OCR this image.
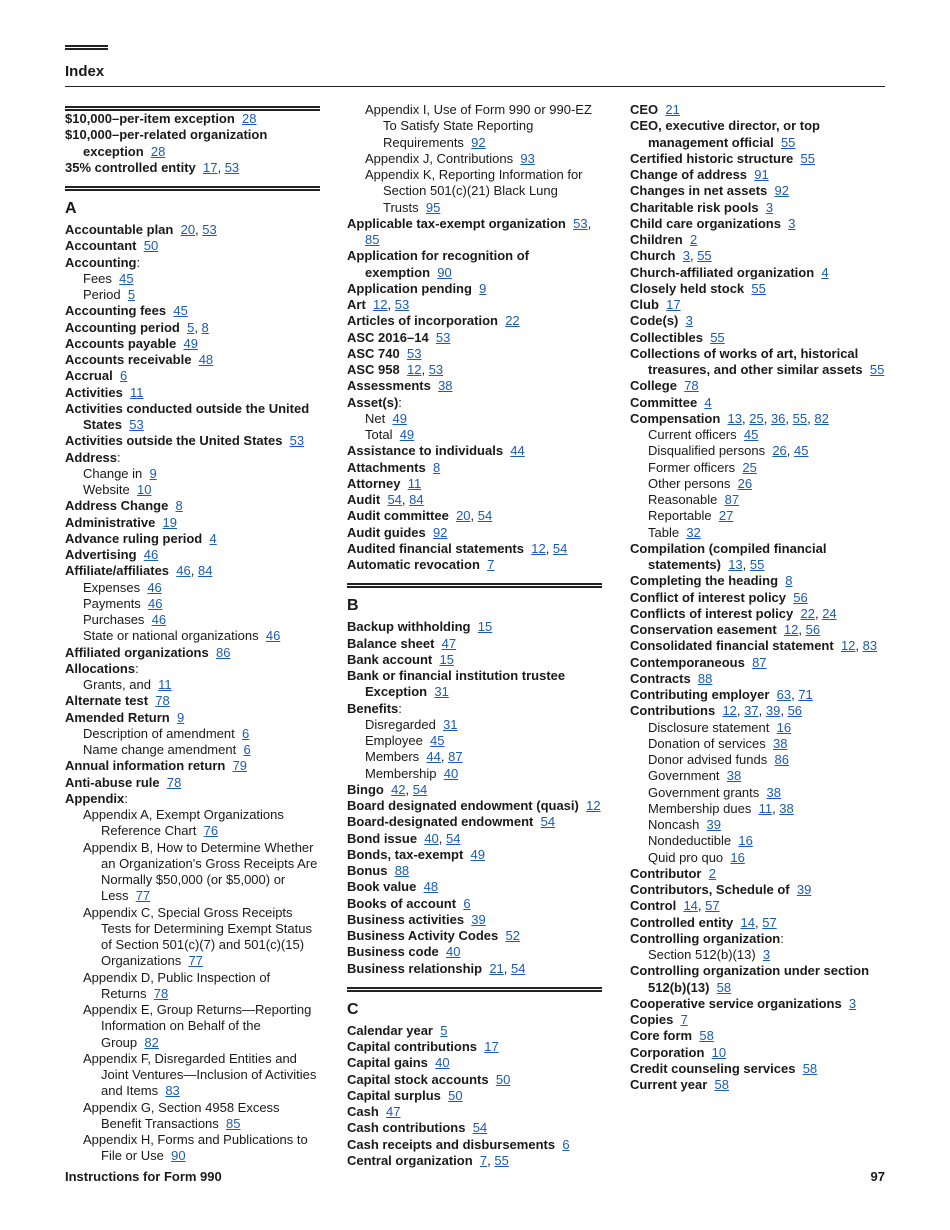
Index
$10,000–per-item exception 28
$10,000–per-related organization exception 28
35% controlled entity 17, 53
A
Accountable plan 20, 53
Accountant 50
Accounting:
Fees 45
Period 5
Accounting fees 45
Accounting period 5, 8
Accounts payable 49
Accounts receivable 48
Accrual 6
Activities 11
Activities conducted outside the United States 53
Activities outside the United States 53
Address:
Change in 9
Website 10
Address Change 8
Administrative 19
Advance ruling period 4
Advertising 46
Affiliate/affiliates 46, 84
Expenses 46
Payments 46
Purchases 46
State or national organizations 46
Affiliated organizations 86
Allocations:
Grants, and 11
Alternate test 78
Amended Return 9
Description of amendment 6
Name change amendment 6
Annual information return 79
Anti-abuse rule 78
Appendix:
Appendix A, Exempt Organizations Reference Chart 76
Appendix B, How to Determine Whether an Organization's Gross Receipts Are Normally $50,000 (or $5,000) or Less 77
Appendix C, Special Gross Receipts Tests for Determining Exempt Status of Section 501(c)(7) and 501(c)(15) Organizations 77
Appendix D, Public Inspection of Returns 78
Appendix E, Group Returns—Reporting Information on Behalf of the Group 82
Appendix F, Disregarded Entities and Joint Ventures—Inclusion of Activities and Items 83
Appendix G, Section 4958 Excess Benefit Transactions 85
Appendix H, Forms and Publications to File or Use 90
Appendix I, Use of Form 990 or 990-EZ To Satisfy State Reporting Requirements 92
Appendix J, Contributions 93
Appendix K, Reporting Information for Section 501(c)(21) Black Lung Trusts 95
Applicable tax-exempt organization 53, 85
Application for recognition of exemption 90
Application pending 9
Art 12, 53
Articles of incorporation 22
ASC 2016–14 53
ASC 740 53
ASC 958 12, 53
Assessments 38
Asset(s):
Net 49
Total 49
Assistance to individuals 44
Attachments 8
Attorney 11
Audit 54, 84
Audit committee 20, 54
Audit guides 92
Audited financial statements 12, 54
Automatic revocation 7
B
Backup withholding 15
Balance sheet 47
Bank account 15
Bank or financial institution trustee Exception 31
Benefits:
Disregarded 31
Employee 45
Members 44, 87
Membership 40
Bingo 42, 54
Board designated endowment (quasi) 12
Board-designated endowment 54
Bond issue 40, 54
Bonds, tax-exempt 49
Bonus 88
Book value 48
Books of account 6
Business activities 39
Business Activity Codes 52
Business code 40
Business relationship 21, 54
C
Calendar year 5
Capital contributions 17
Capital gains 40
Capital stock accounts 50
Capital surplus 50
Cash 47
Cash contributions 54
Cash receipts and disbursements 6
Central organization 7, 55
CEO 21
CEO, executive director, or top management official 55
Certified historic structure 55
Change of address 91
Changes in net assets 92
Charitable risk pools 3
Child care organizations 3
Children 2
Church 3, 55
Church-affiliated organization 4
Closely held stock 55
Club 17
Code(s) 3
Collectibles 55
Collections of works of art, historical treasures, and other similar assets 55
College 78
Committee 4
Compensation 13, 25, 36, 55, 82
Current officers 45
Disqualified persons 26, 45
Former officers 25
Other persons 26
Reasonable 87
Reportable 27
Table 32
Compilation (compiled financial statements) 13, 55
Completing the heading 8
Conflict of interest policy 56
Conflicts of interest policy 22, 24
Conservation easement 12, 56
Consolidated financial statement 12, 83
Contemporaneous 87
Contracts 88
Contributing employer 63, 71
Contributions 12, 37, 39, 56
Disclosure statement 16
Donation of services 38
Donor advised funds 86
Government 38
Government grants 38
Membership dues 11, 38
Noncash 39
Nondeductible 16
Quid pro quo 16
Contributor 2
Contributors, Schedule of 39
Control 14, 57
Controlled entity 14, 57
Controlling organization:
Section 512(b)(13) 3
Controlling organization under section 512(b)(13) 58
Cooperative service organizations 3
Copies 7
Core form 58
Corporation 10
Credit counseling services 58
Current year 58
Instructions for Form 990	97
